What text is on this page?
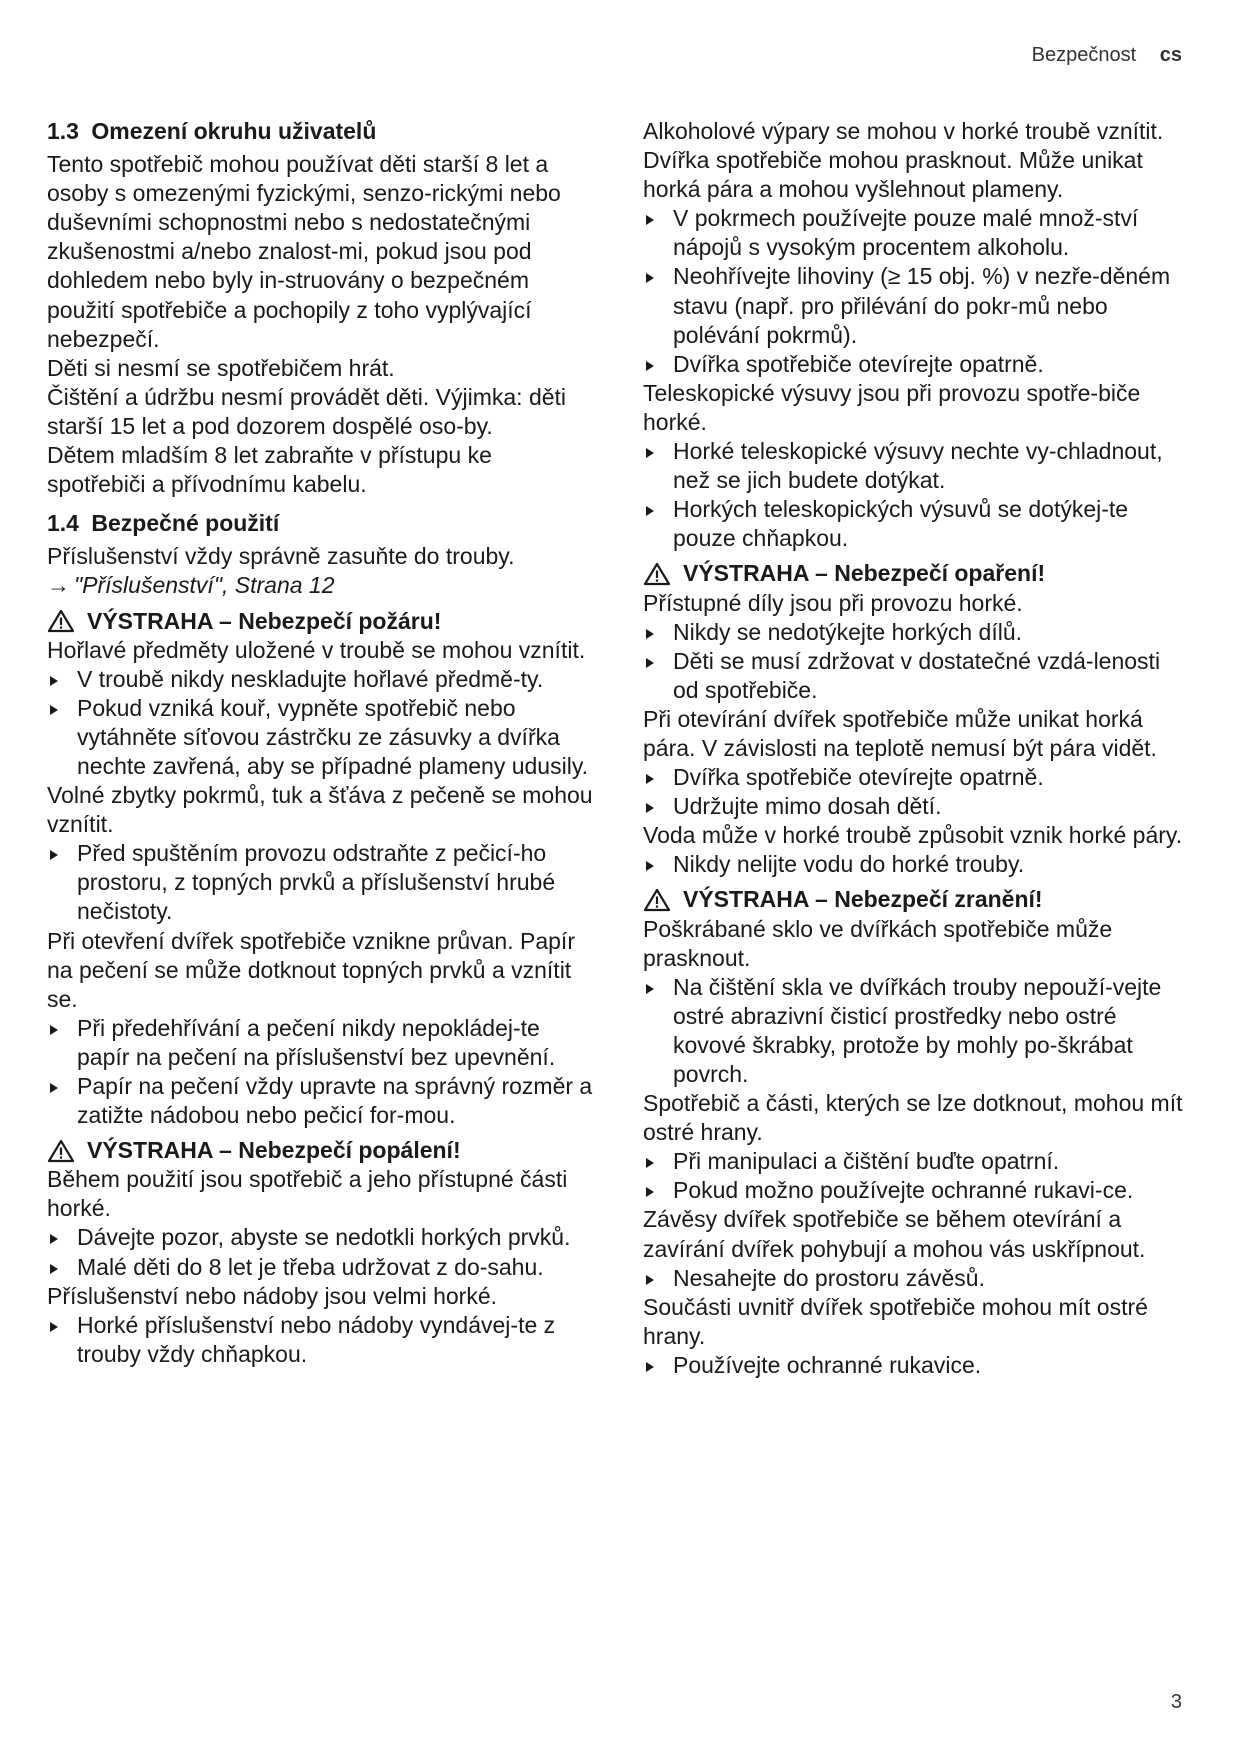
Bezpečnost cs
1.3 Omezení okruhu uživatelů

Tento spotřebič mohou používat děti starší 8 let a osoby s omezenými fyzickými, senzo-rickými nebo duševními schopnostmi nebo s nedostatečnými zkušenostmi a/nebo znalost-mi, pokud jsou pod dohledem nebo byly in-struovány o bezpečném použití spotřebiče a pochopily z toho vyplývající nebezpečí.

Děti si nesmí se spotřebičem hrát.

Čištění a údržbu nesmí provádět děti. Výjimka: děti starší 15 let a pod dozorem dospělé oso-by.

Dětem mladším 8 let zabraňte v přístupu ke spotřebiči a přívodnímu kabelu.

1.4 Bezpečné použití

Příslušenství vždy správně zasuňte do trouby.

→ "Příslušenství", Strana 12

VÝSTRAHA – Nebezpečí požáru!

Hořlavé předměty uložené v troubě se mohou vznítit.

V troubě nikdy neskladujte hořlavé předmě-ty.
Pokud vzniká kouř, vypněte spotřebič nebo vytáhněte síťovou zástrčku ze zásuvky a dvířka nechte zavřená, aby se případné plameny udusily.

Volné zbytky pokrmů, tuk a šťáva z pečeně se mohou vznítit.

Před spuštěním provozu odstraňte z pečicí-ho prostoru, z topných prvků a příslušenství hrubé nečistoty.

Při otevření dvířek spotřebiče vznikne průvan. Papír na pečení se může dotknout topných prvků a vznítit se.

Při předehřívání a pečení nikdy nepokládej-te papír na pečení na příslušenství bez upevnění.
Papír na pečení vždy upravte na správný rozměr a zatižte nádobou nebo pečicí for-mou.
VÝSTRAHA – Nebezpečí popálení!

Během použití jsou spotřebič a jeho přístupné části horké.

Dávejte pozor, abyste se nedotkli horkých prvků.
Malé děti do 8 let je třeba udržovat z do-sahu.

Příslušenství nebo nádoby jsou velmi horké.

Horké příslušenství nebo nádoby vyndávej-te z trouby vždy chňapkou.

Alkoholové výpary se mohou v horké troubě vznítit. Dvířka spotřebiče mohou prasknout. Může unikat horká pára a mohou vyšlehnout plameny.

V pokrmech používejte pouze malé množ-ství nápojů s vysokým procentem alkoholu.
Neohřívejte lihoviny (≥ 15 obj. %) v nezře-děném stavu (např. pro přilévání do pokr-mů nebo polévání pokrmů).
Dvířka spotřebiče otevírejte opatrně.

Teleskopické výsuvy jsou při provozu spotře-biče horké.

Horké teleskopické výsuvy nechte vy-chladnout, než se jich budete dotýkat.
Horkých teleskopických výsuvů se dotýkej-te pouze chňapkou.
VÝSTRAHA – Nebezpečí opaření!

Přístupné díly jsou při provozu horké.

Nikdy se nedotýkejte horkých dílů.
Děti se musí zdržovat v dostatečné vzdá-lenosti od spotřebiče.

Při otevírání dvířek spotřebiče může unikat horká pára. V závislosti na teplotě nemusí být pára vidět.

Dvířka spotřebiče otevírejte opatrně.
Udržujte mimo dosah dětí.

Voda může v horké troubě způsobit vznik horké páry.

Nikdy nelijte vodu do horké trouby.
VÝSTRAHA – Nebezpečí zranění!

Poškrábané sklo ve dvířkách spotřebiče může prasknout.

Na čištění skla ve dvířkách trouby nepouží-vejte ostré abrazivní čisticí prostředky nebo ostré kovové škrabky, protože by mohly po-škrábat povrch.

Spotřebič a části, kterých se lze dotknout, mohou mít ostré hrany.

Při manipulaci a čištění buďte opatrní.
Pokud možno používejte ochranné rukavi-ce.

Závěsy dvířek spotřebiče se během otevírání a zavírání dvířek pohybují a mohou vás uskřípnout.

Nesahejte do prostoru závěsů.

Součásti uvnitř dvířek spotřebiče mohou mít ostré hrany.

Používejte ochranné rukavice.
3
